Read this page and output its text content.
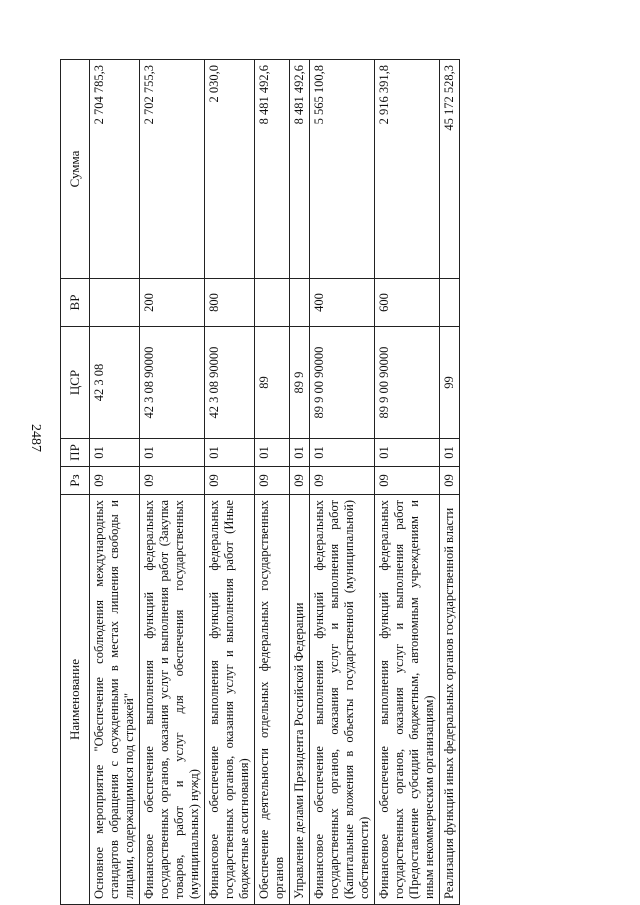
2487
Наименование	Рз	ПР	ЦСР	ВР	Сумма
Основное мероприятие "Обеспечение соблюдения международных стандартов обращения с осужденными в местах лишения свободы и лицами, содержащимися под стражей"	09	01	42 3 08		2 704 785,3
Финансовое обеспечение выполнения функций федеральных государственных органов, оказания услуг и выполнения работ (Закупка товаров, работ и услуг для обеспечения государственных (муниципальных) нужд)	09	01	42 3 08 90000	200	2 702 755,3
Финансовое обеспечение выполнения функций федеральных государственных органов, оказания услуг и выполнения работ (Иные бюджетные ассигнования)	09	01	42 3 08 90000	800	2 030,0
Обеспечение деятельности отдельных федеральных государственных органов	09	01	89		8 481 492,6
Управление делами Президента Российской Федерации	09	01	89 9		8 481 492,6
Финансовое обеспечение выполнения функций федеральных государственных органов, оказания услуг и выполнения работ (Капитальные вложения в объекты государственной (муниципальной) собственности)	09	01	89 9 00 90000	400	5 565 100,8
Финансовое обеспечение выполнения функций федеральных государственных органов, оказания услуг и выполнения работ (Предоставление субсидий бюджетным, автономным учреждениям и иным некоммерческим организациям)	09	01	89 9 00 90000	600	2 916 391,8
Реализация функций иных федеральных органов государственной власти	09	01	99		45 172 528,3
